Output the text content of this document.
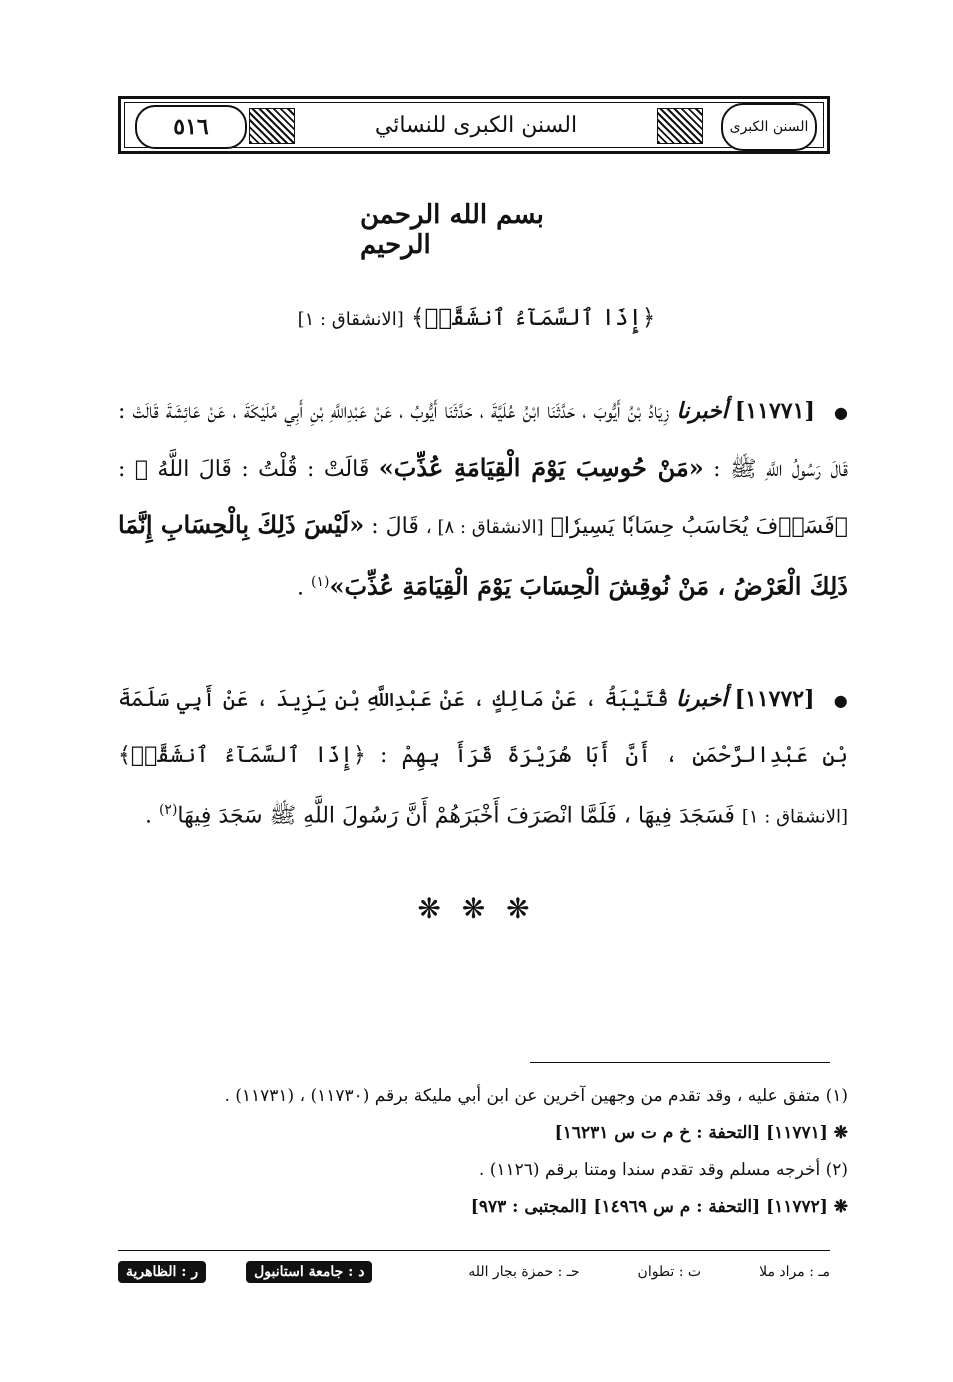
٥١٦	السنن الكبرى للنسائي	السنن الكبرى
بسم الله الرحمن الرحيم
﴿إِذَا ٱلسَّمَآءُ ٱنشَقَّتۡ﴾ [الانشقاق : ١]
● [١١٧٧١] أخبرنا زِيَادُ بْنُ أَيُّوبَ ، حَدَّثَنَا ابْنُ عُلَيَّةَ ، حَدَّثَنَا أَيُّوبُ ، عَنْ عَبْدِاللَّهِ بْنِ أَبِي مُلَيْكَةَ ، عَنْ عَائِشَةَ قَالَتْ : قَالَ رَسُولُ اللَّهِ ﷺ : «مَنْ حُوسِبَ يَوْمَ الْقِيَامَةِ عُذِّبَ» قَالَتْ : قُلْتُ : قَالَ اللَّهُ ﷻ : ﴿فَسَوۡفَ يُحَاسَبُ حِسَابٗا يَسِيرٗا﴾ [الانشقاق : ٨] ، قَالَ : «لَيْسَ ذَلِكَ بِالْحِسَابِ إِنَّمَا ذَلِكَ الْعَرْضُ ، مَنْ نُوقِشَ الْحِسَابَ يَوْمَ الْقِيَامَةِ عُذِّبَ»$^{(١)}$ .
● [١١٧٧٢] أخبرنا قُتَيْبَةُ ، عَنْ مَالِكٍ ، عَنْ عَبْدِاللَّهِ بْنِ يَزِيدَ ، عَنْ أَبِي سَلَمَةَ بْنِ عَبْدِالرَّحْمَنِ ، أَنَّ أَبَا هُرَيْرَةَ قَرَأَ بِهِمْ : ﴿إِذَا ٱلسَّمَآءُ ٱنشَقَّتۡ﴾ [الانشقاق : ١] فَسَجَدَ فِيهَا ، فَلَمَّا انْصَرَفَ أَخْبَرَهُمْ أَنَّ رَسُولَ اللَّهِ ﷺ سَجَدَ فِيهَا$^{(٢)}$ .
❋ ❋ ❋
(١) متفق عليه ، وقد تقدم من وجهين آخرين عن ابن أبي مليكة برقم (١١٧٣٠) ، (١١٧٣١) .
❋ [١١٧٧١] [التحفة : خ م ت س ١٦٢٣١]
(٢) أخرجه مسلم وقد تقدم سندا ومتنا برقم (١١٢٦) .
❋ [١١٧٧٢] [التحفة : م س ١٤٩٦٩] [المجتبى : ٩٧٣]
مـ : مراد ملا
ت : تطوان
حـ : حمزة بجار الله
د : جامعة استانبول
ر : الظاهرية
